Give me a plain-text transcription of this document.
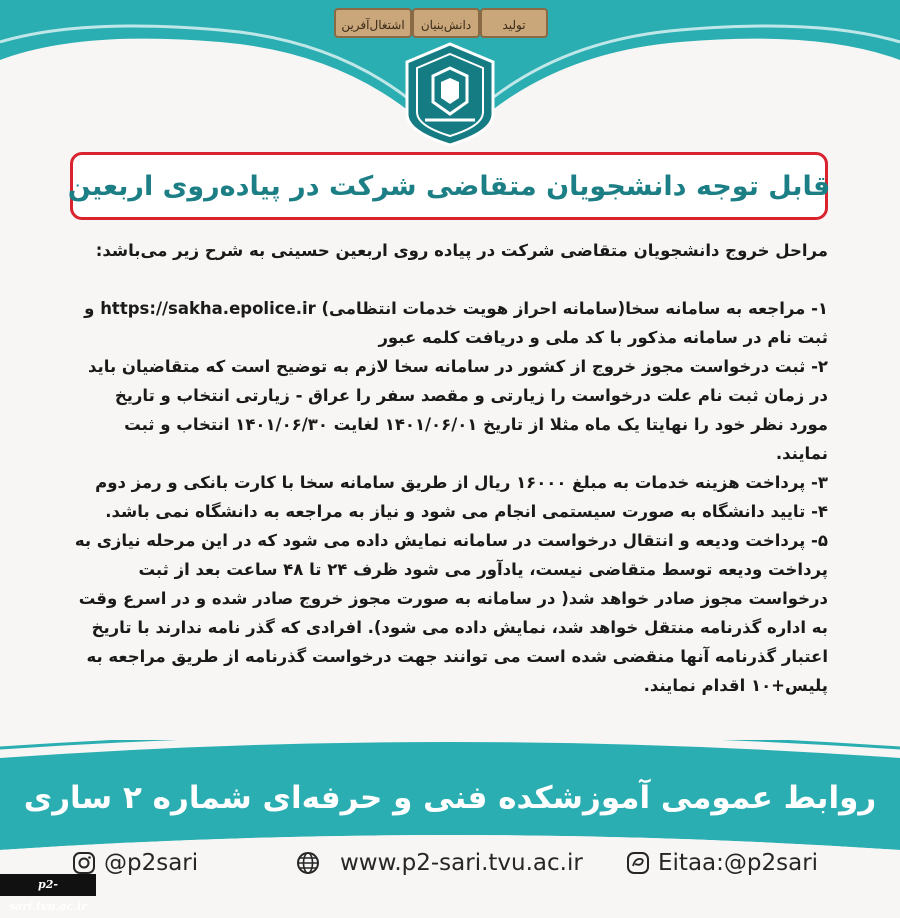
تولید
دانش‌بنیان
اشتغال‌آفرین
قابل توجه دانشجویان متقاضی شرکت در پیاده‌روی اربعین

مراحل خروج دانشجویان متقاضی شرکت در پیاده روی اربعین حسینی به شرح زیر می‌باشد:

۱- مراجعه به سامانه سخا(سامانه احراز هویت خدمات انتظامی) https://sakha.epolice.ir و

ثبت نام در سامانه مذکور با کد ملی و دریافت کلمه عبور

۲- ثبت درخواست مجوز خروج از کشور در سامانه سخا لازم به توضیح است که متقاضیان باید در زمان ثبت نام علت درخواست را زیارتی و مقصد سفر را عراق - زیارتی انتخاب و تاریخ مورد نظر خود را نهایتا یک ماه مثلا از تاریخ ۱۴۰۱/۰۶/۰۱ لغایت ۱۴۰۱/۰۶/۳۰ انتخاب و ثبت نمایند.

۳- پرداخت هزینه خدمات به مبلغ ۱۶۰۰۰ ریال از طریق سامانه سخا با کارت بانکی و رمز دوم

۴- تایید دانشگاه به صورت سیستمی انجام می شود و نیاز به مراجعه به دانشگاه نمی باشد.

۵- پرداخت ودیعه و انتقال درخواست در سامانه نمایش داده می شود که در این مرحله نیازی به پرداخت ودیعه توسط متقاضی نیست، یادآور می شود ظرف ۲۴ تا ۴۸ ساعت بعد از ثبت درخواست مجوز صادر خواهد شد( در سامانه به صورت مجوز خروج صادر شده و در اسرع وقت به اداره گذرنامه منتقل خواهد شد، نمایش داده می شود). افرادی که گذر نامه ندارند با تاریخ اعتبار گذرنامه آنها منقضی شده است می توانند جهت درخواست گذرنامه از طریق مراجعه به پلیس+۱۰ اقدام نمایند.

روابط عمومی آموزشکده فنی و حرفه‌ای شماره ۲ ساری
@p2sari	www.p2-sari.tvu.ac.ir	Eitaa:@p2sari
p2-sari.tvu.ac.ir
